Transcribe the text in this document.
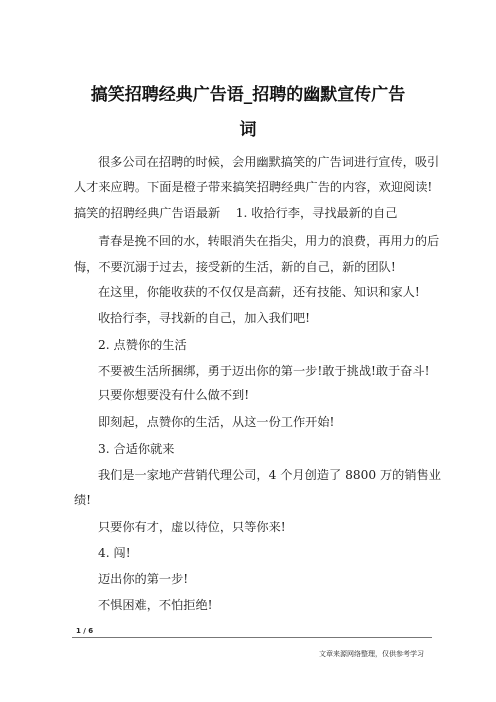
搞笑招聘经典广告语_招聘的幽默宣传广告
词
很多公司在招聘的时候，会用幽默搞笑的广告词进行宣传，吸引
人才来应聘。下面是橙子带来搞笑招聘经典广告的内容，欢迎阅读!
搞笑的招聘经典广告语最新    1. 收拾行李，寻找最新的自己
青春是挽不回的水，转眼消失在指尖，用力的浪费，再用力的后
悔，不要沉溺于过去，接受新的生活，新的自己，新的团队!
在这里，你能收获的不仅仅是高薪，还有技能、知识和家人!
收拾行李，寻找新的自己，加入我们吧!
2. 点赞你的生活
不要被生活所捆绑，勇于迈出你的第一步!敢于挑战!敢于奋斗!
只要你想要没有什么做不到!
即刻起，点赞你的生活，从这一份工作开始!
3. 合适你就来
我们是一家地产营销代理公司，4 个月创造了 8800 万的销售业
绩!
只要你有才，虚以待位，只等你来!
4. 闯!
迈出你的第一步!
不惧困难，不怕拒绝!
1 / 6
文章来源网络整理，仅供参考学习
